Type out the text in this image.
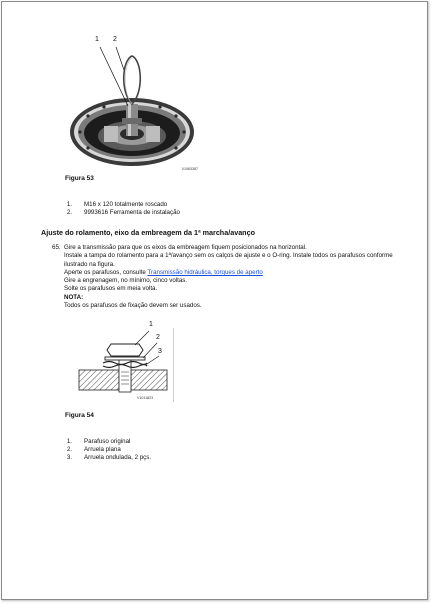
1 2
V1063387
Figura 53
1. M16 x 120 totalmente roscado
2. 9993616 Ferramenta de instalação
Ajuste do rolamento, eixo da embreagem da 1ª marcha/avanço
65. Gire a transmissão para que os eixos da embreagem fiquem posicionados na horizontal.
Instale a tampa do rolamento para a 1ª/avanço sem os calços de ajuste e o O-ring. Instale todos os parafusos conforme ilustrado na figura.
Aperte os parafusos, consulte Transmissão hidráulica, torques de aperto
Gire a engrenagem, no mínimo, cinco voltas.
Solte os parafusos em meia volta.
NOTA:
Todos os parafusos de fixação devem ser usados.
1
2
3
V1011823
Figura 54
1. Parafuso original
2. Arruela plana
3. Arruela ondulada, 2 pçs.
